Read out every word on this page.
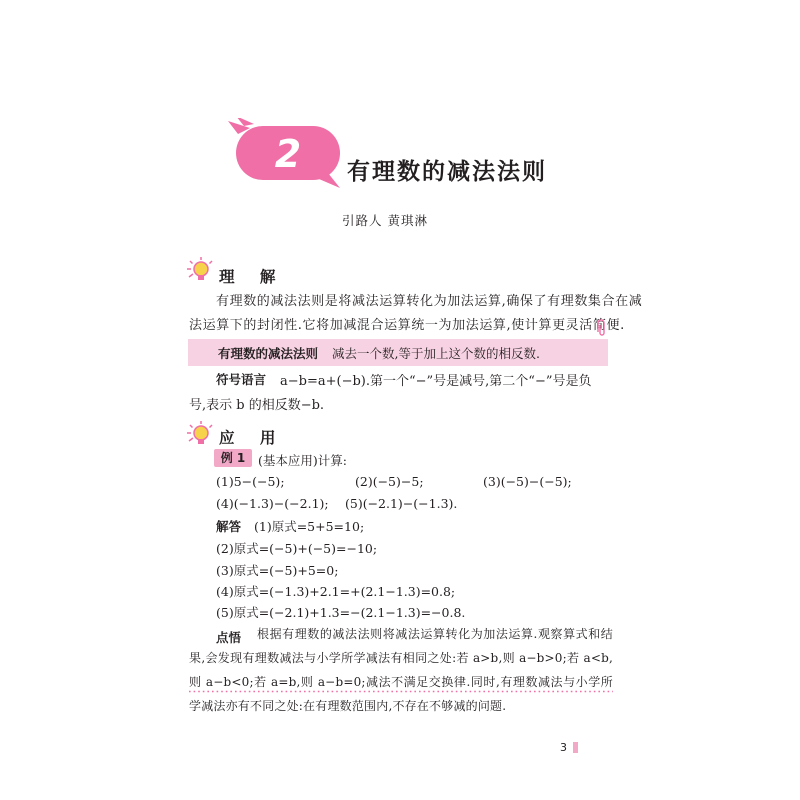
2	有理数的减法法则
引路人 黄琪淋
理 解
有理数的减法法则是将减法运算转化为加法运算,确保了有理数集合在减
法运算下的封闭性.它将加减混合运算统一为加法运算,使计算更灵活简便.
有理数的减法法则 减去一个数,等于加上这个数的相反数.
符号语言 a−b=a+(−b).第一个“−”号是减号,第二个“−”号是负
号,表示 b 的相反数−b.
应 用
例 1	(基本应用)计算:
(1)5−(−5);	(2)(−5)−5;	(3)(−5)−(−5);
(4)(−1.3)−(−2.1); (5)(−2.1)−(−1.3).
解答 (1)原式=5+5=10;
(2)原式=(−5)+(−5)=−10;
(3)原式=(−5)+5=0;
(4)原式=(−1.3)+2.1=+(2.1−1.3)=0.8;
(5)原式=(−2.1)+1.3=−(2.1−1.3)=−0.8.
点悟	根据有理数的减法法则将减法运算转化为加法运算.观察算式和结果,会发现有理数减法与小学所学减法有相同之处:若 a>b,则 a−b>0;若 a<b,则 a−b<0;若 a=b,则 a−b=0;减法不满足交换律.同时,有理数减法与小学所学减法亦有不同之处:在有理数范围内,不存在不够减的问题.
3
